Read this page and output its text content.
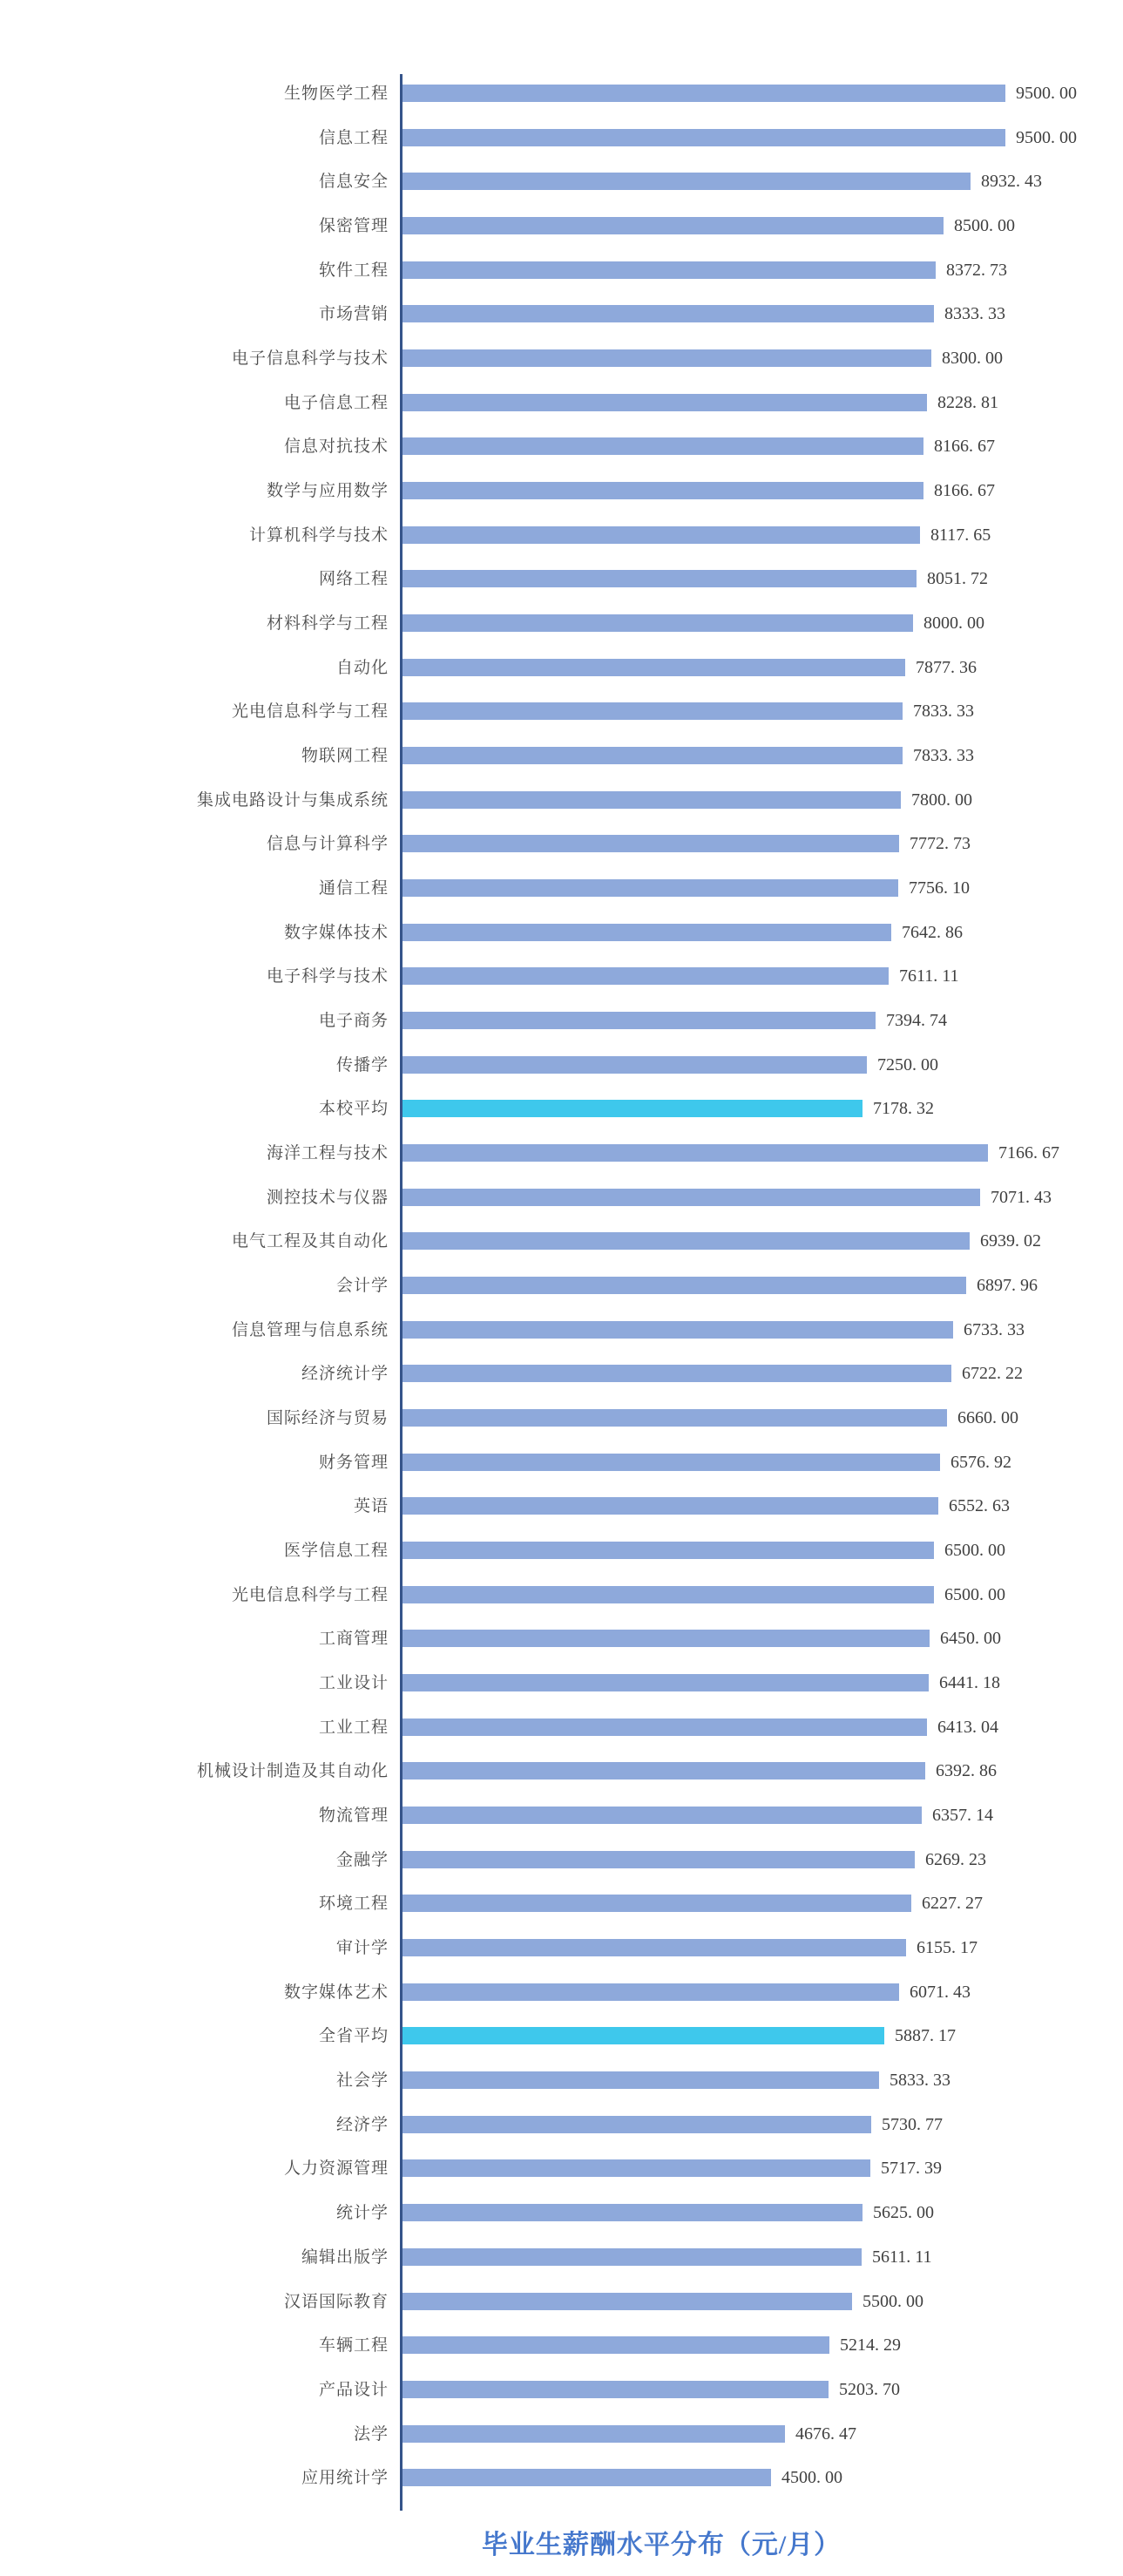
生物医学工程	9500. 00
信息工程	9500. 00
信息安全	8932. 43
保密管理	8500. 00
软件工程	8372. 73
市场营销	8333. 33
电子信息科学与技术	8300. 00
电子信息工程	8228. 81
信息对抗技术	8166. 67
数学与应用数学	8166. 67
计算机科学与技术	8117. 65
网络工程	8051. 72
材料科学与工程	8000. 00
自动化	7877. 36
光电信息科学与工程	7833. 33
物联网工程	7833. 33
集成电路设计与集成系统	7800. 00
信息与计算科学	7772. 73
通信工程	7756. 10
数字媒体技术	7642. 86
电子科学与技术	7611. 11
电子商务	7394. 74
传播学	7250. 00
本校平均	7178. 32
海洋工程与技术	7166. 67
测控技术与仪器	7071. 43
电气工程及其自动化	6939. 02
会计学	6897. 96
信息管理与信息系统	6733. 33
经济统计学	6722. 22
国际经济与贸易	6660. 00
财务管理	6576. 92
英语	6552. 63
医学信息工程	6500. 00
光电信息科学与工程	6500. 00
工商管理	6450. 00
工业设计	6441. 18
工业工程	6413. 04
机械设计制造及其自动化	6392. 86
物流管理	6357. 14
金融学	6269. 23
环境工程	6227. 27
审计学	6155. 17
数字媒体艺术	6071. 43
全省平均	5887. 17
社会学	5833. 33
经济学	5730. 77
人力资源管理	5717. 39
统计学	5625. 00
编辑出版学	5611. 11
汉语国际教育	5500. 00
车辆工程	5214. 29
产品设计	5203. 70
法学	4676. 47
应用统计学	4500. 00
毕业生薪酬水平分布（元/月）
